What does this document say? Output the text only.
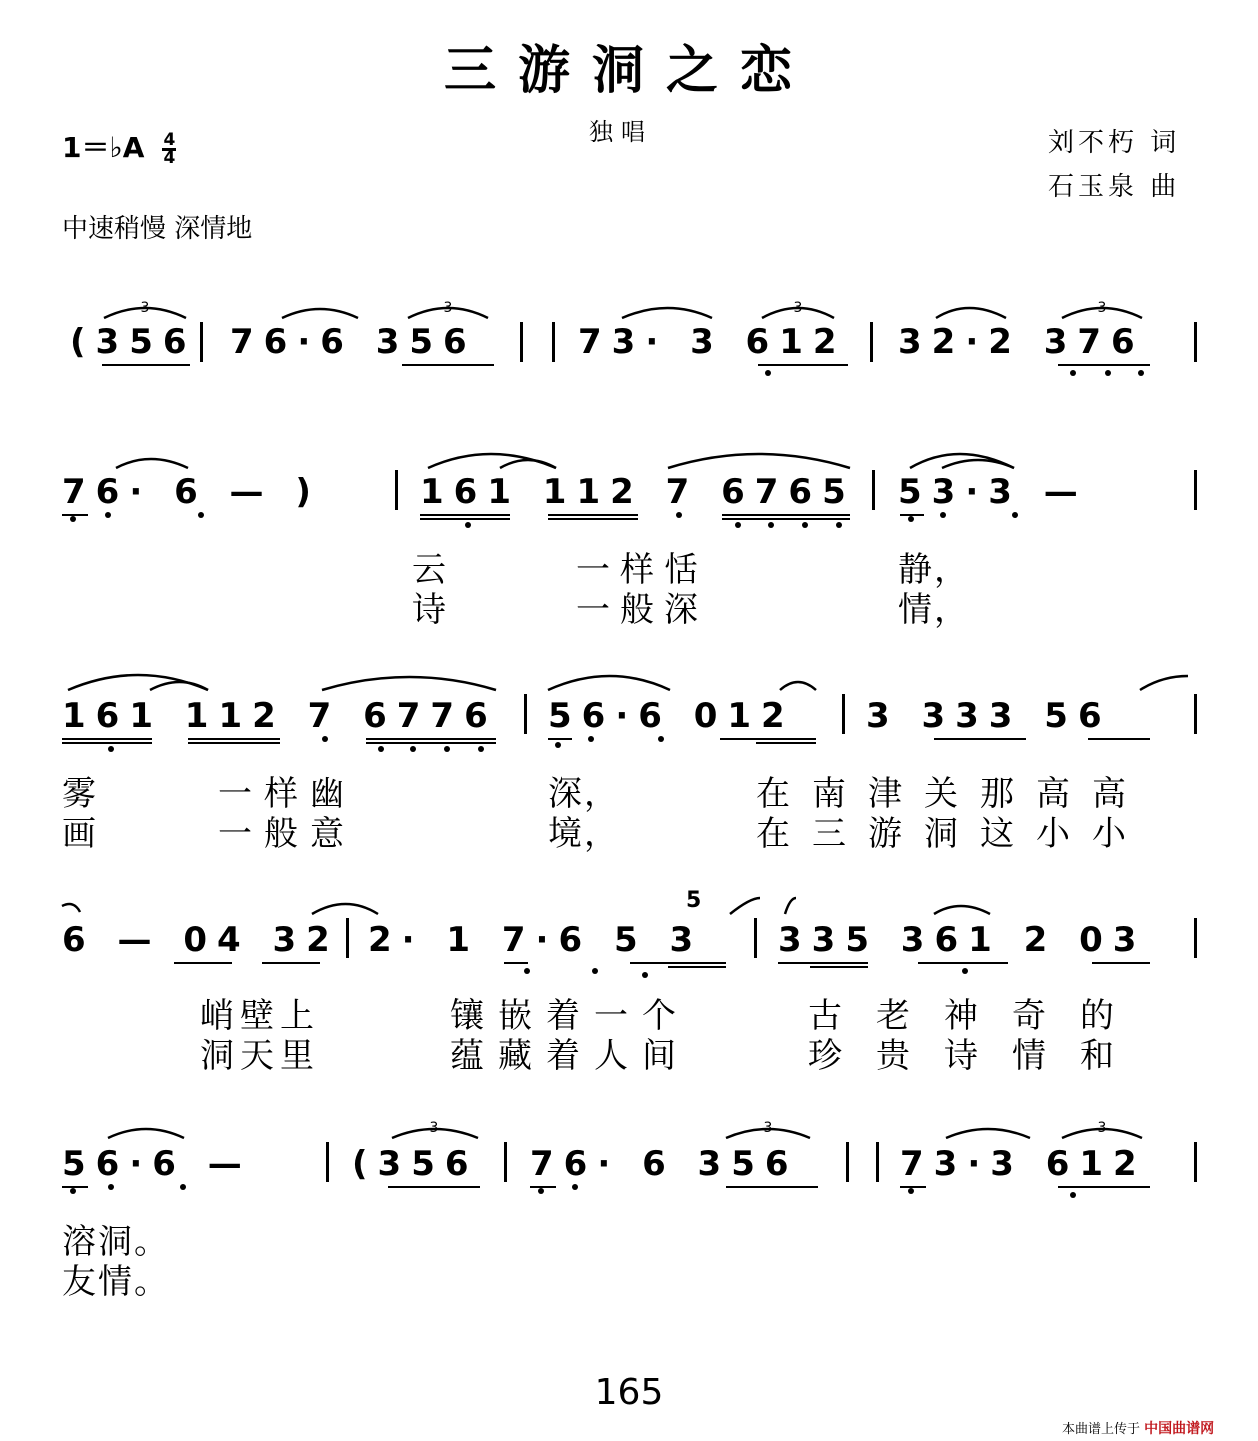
三游洞之恋
独唱
1＝♭A $\frac{4}{4}$	刘不朽 词
石玉泉 曲
中速稍慢 深情地
(356 76·6 356	73· 3 612 32·2 376
76· 6 — )	161 112 7 6765 53·3 —
云	一样恬	静，
诗	一般深	情，
161 112 7 6776 56·6 012 3 333 56
雾	一样幽	深，	在南津关那高高
画	一般意	境，	在三游洞这小小
6 — 04 32 2· 1 7·6 5 3
5
335 361 2 03
峭壁上	镶嵌着一个	古老神奇的
洞天里	蕴藏着人间	珍贵诗情和
56·6 —	(356 76· 6 356	73·3 612
溶洞。
友情。
3	3	3	3
3	3	3
165
本曲谱上传于 中国曲谱网
